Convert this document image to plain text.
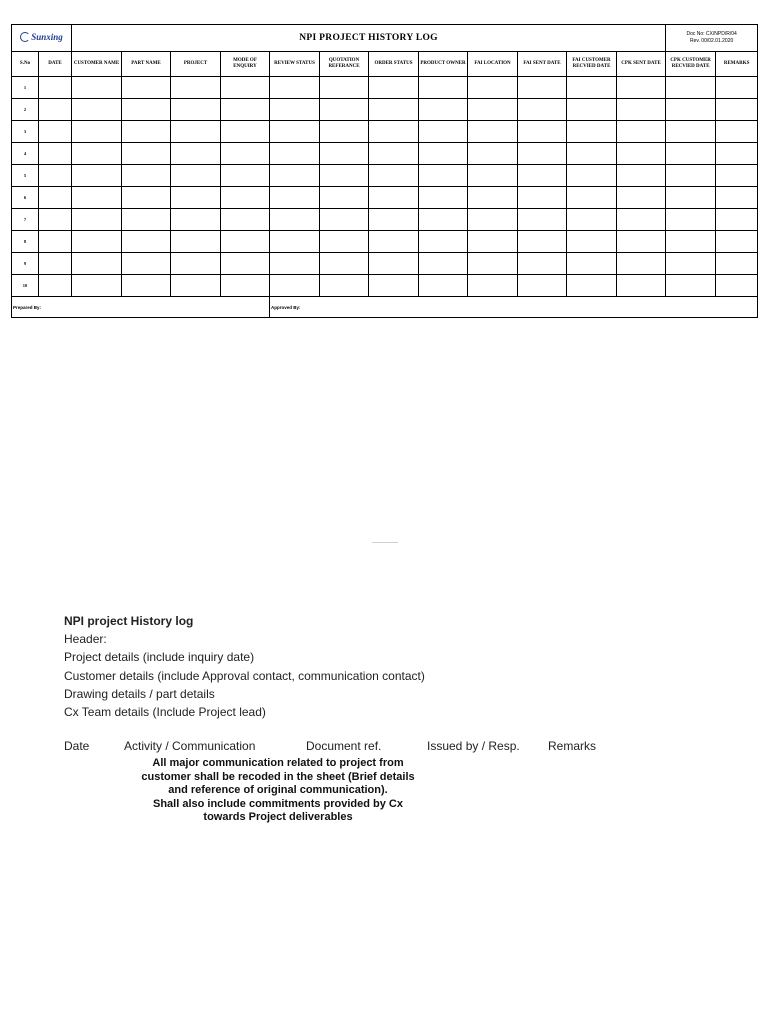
Sunxing		NPI PROJECT HISTORY LOG												Doc No: CX/NPD/R/04
Rev. 00/02.01.2020	

S.No	DATE	CUSTOMER NAME	PART NAME	PROJECT	MODE OF ENQUIRY	REVIEW STATUS	QUOTATION REFERANCE	ORDER STATUS	PRODUCT OWNER	FAI LOCATION	FAI SENT DATE	FAI CUSTOMER RECVIED DATE	CPK SENT DATE	CPK CUSTOMER RECVIED DATE	REMARKS
1															
2															
3															
4															
5															
6															
7															
8															
9															
10															
Prepared By:						Approved By:									
NPI project History log
Header:
Project details (include inquiry date)
Customer details (include Approval contact, communication contact)
Drawing details / part details
Cx Team details (Include Project lead)
Date	Activity / Communication	Document ref.	Issued by / Resp. Remarks
All major communication related to project from
customer shall be recoded in the sheet (Brief details
and reference of original communication).
Shall also include commitments provided by Cx
towards Project deliverables
